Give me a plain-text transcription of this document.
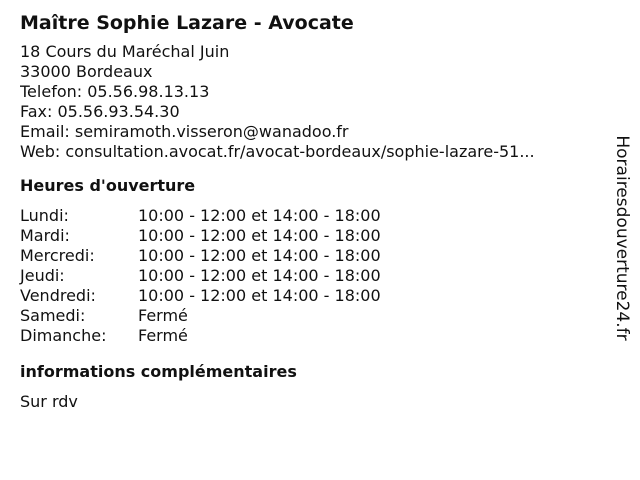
Maître Sophie Lazare - Avocate
18 Cours du Maréchal Juin
33000 Bordeaux
Telefon: 05.56.98.13.13
Fax: 05.56.93.54.30
Email: semiramoth.visseron@wanadoo.fr
Web: consultation.avocat.fr/avocat-bordeaux/sophie-lazare-51...
Heures d'ouverture
Lundi:	10:00 - 12:00 et 14:00 - 18:00
Mardi:	10:00 - 12:00 et 14:00 - 18:00
Mercredi:	10:00 - 12:00 et 14:00 - 18:00
Jeudi:	10:00 - 12:00 et 14:00 - 18:00
Vendredi:	10:00 - 12:00 et 14:00 - 18:00
Samedi:	Fermé
Dimanche:	Fermé
informations complémentaires
Sur rdv
Horairesdouverture24.fr
